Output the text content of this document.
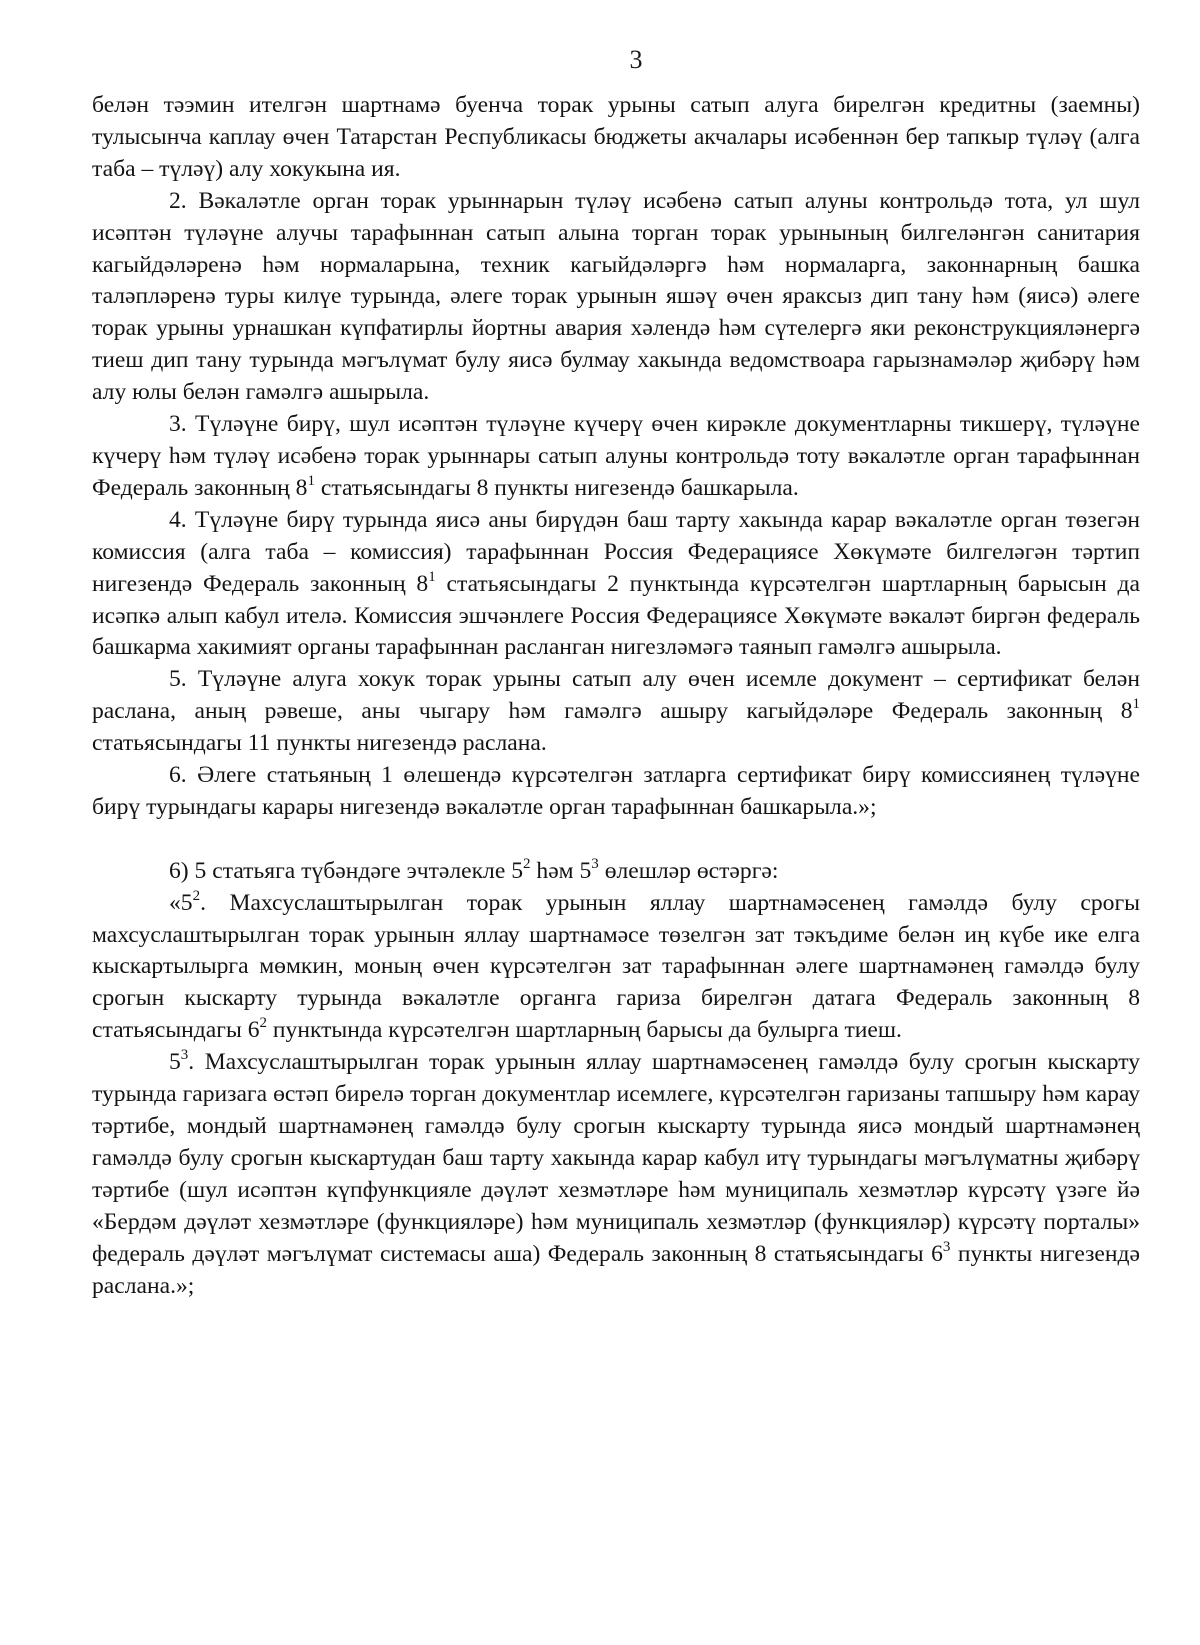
3

белән тәэмин ителгән шартнамә буенча торак урыны сатып алуга бирелгән кредитны (заемны) тулысынча каплау өчен Татарстан Республикасы бюджеты акчалары исәбеннән бер тапкыр түләү (алга таба – түләү) алу хокукына ия.

2. Вәкаләтле орган торак урыннарын түләү исәбенә сатып алуны контрольдә тота, ул шул исәптән түләүне алучы тарафыннан сатып алына торган торак урынының билгеләнгән санитария кагыйдәләренә һәм нормаларына, техник кагыйдәләргә һәм нормаларга, законнарның башка таләпләренә туры килүе турында, әлеге торак урынын яшәү өчен яраксыз дип тану һәм (яисә) әлеге торак урыны урнашкан күпфатирлы йортны авария хәлендә һәм сүтелергә яки реконструкцияләнергә тиеш дип тану турында мәгълүмат булу яисә булмау хакында ведомствоара гарызнамәләр җибәрү һәм алу юлы белән гамәлгә ашырыла.

3. Түләүне бирү, шул исәптән түләүне күчерү өчен кирәкле документларны тикшерү, түләүне күчерү һәм түләү исәбенә торак урыннары сатып алуны контрольдә тоту вәкаләтле орган тарафыннан Федераль законның $8^1$ статьясындагы 8 пункты нигезендә башкарыла.

4. Түләүне бирү турында яисә аны бирүдән баш тарту хакында карар вәкаләтле орган төзегән комиссия (алга таба – комиссия) тарафыннан Россия Федерациясе Хөкүмәте билгеләгән тәртип нигезендә Федераль законның $8^1$ статьясындагы 2 пунктында күрсәтелгән шартларның барысын да исәпкә алып кабул ителә. Комиссия эшчәнлеге Россия Федерациясе Хөкүмәте вәкаләт биргән федераль башкарма хакимият органы тарафыннан расланган нигезләмәгә таянып гамәлгә ашырыла.

5. Түләүне алуга хокук торак урыны сатып алу өчен исемле документ – сертификат белән раслана, аның рәвеше, аны чыгару һәм гамәлгә ашыру кагыйдәләре Федераль законның $8^1$ статьясындагы 11 пункты нигезендә раслана.

6. Әлеге статьяның 1 өлешендә күрсәтелгән затларга сертификат бирү комиссиянең түләүне бирү турындагы карары нигезендә вәкаләтле орган тарафыннан башкарыла.»;

6) 5 статьяга түбәндәге эчтәлекле $5^2$ һәм $5^3$ өлешләр өстәргә:

«$5^2$. Махсуслаштырылган торак урынын яллау шартнамәсенең гамәлдә булу срогы махсуслаштырылган торак урынын яллау шартнамәсе төзелгән зат тәкъдиме белән иң күбе ике елга кыскартылырга мөмкин, моның өчен күрсәтелгән зат тарафыннан әлеге шартнамәнең гамәлдә булу срогын кыскарту турында вәкаләтле органга гариза бирелгән датага Федераль законның 8 статьясындагы $6^2$ пунктында күрсәтелгән шартларның барысы да булырга тиеш.

$5^3$. Махсуслаштырылган торак урынын яллау шартнамәсенең гамәлдә булу срогын кыскарту турында гаризага өстәп бирелә торган документлар исемлеге, күрсәтелгән гаризаны тапшыру һәм карау тәртибе, мондый шартнамәнең гамәлдә булу срогын кыскарту турында яисә мондый шартнамәнең гамәлдә булу срогын кыскартудан баш тарту хакында карар кабул итү турындагы мәгълүматны җибәрү тәртибе (шул исәптән күпфункцияле дәүләт хезмәтләре һәм муниципаль хезмәтләр күрсәтү үзәге йә «Бердәм дәүләт хезмәтләре (функцияләре) һәм муниципаль хезмәтләр (функцияләр) күрсәтү порталы» федераль дәүләт мәгълүмат системасы аша) Федераль законның 8 статьясындагы $6^3$ пункты нигезендә раслана.»;
